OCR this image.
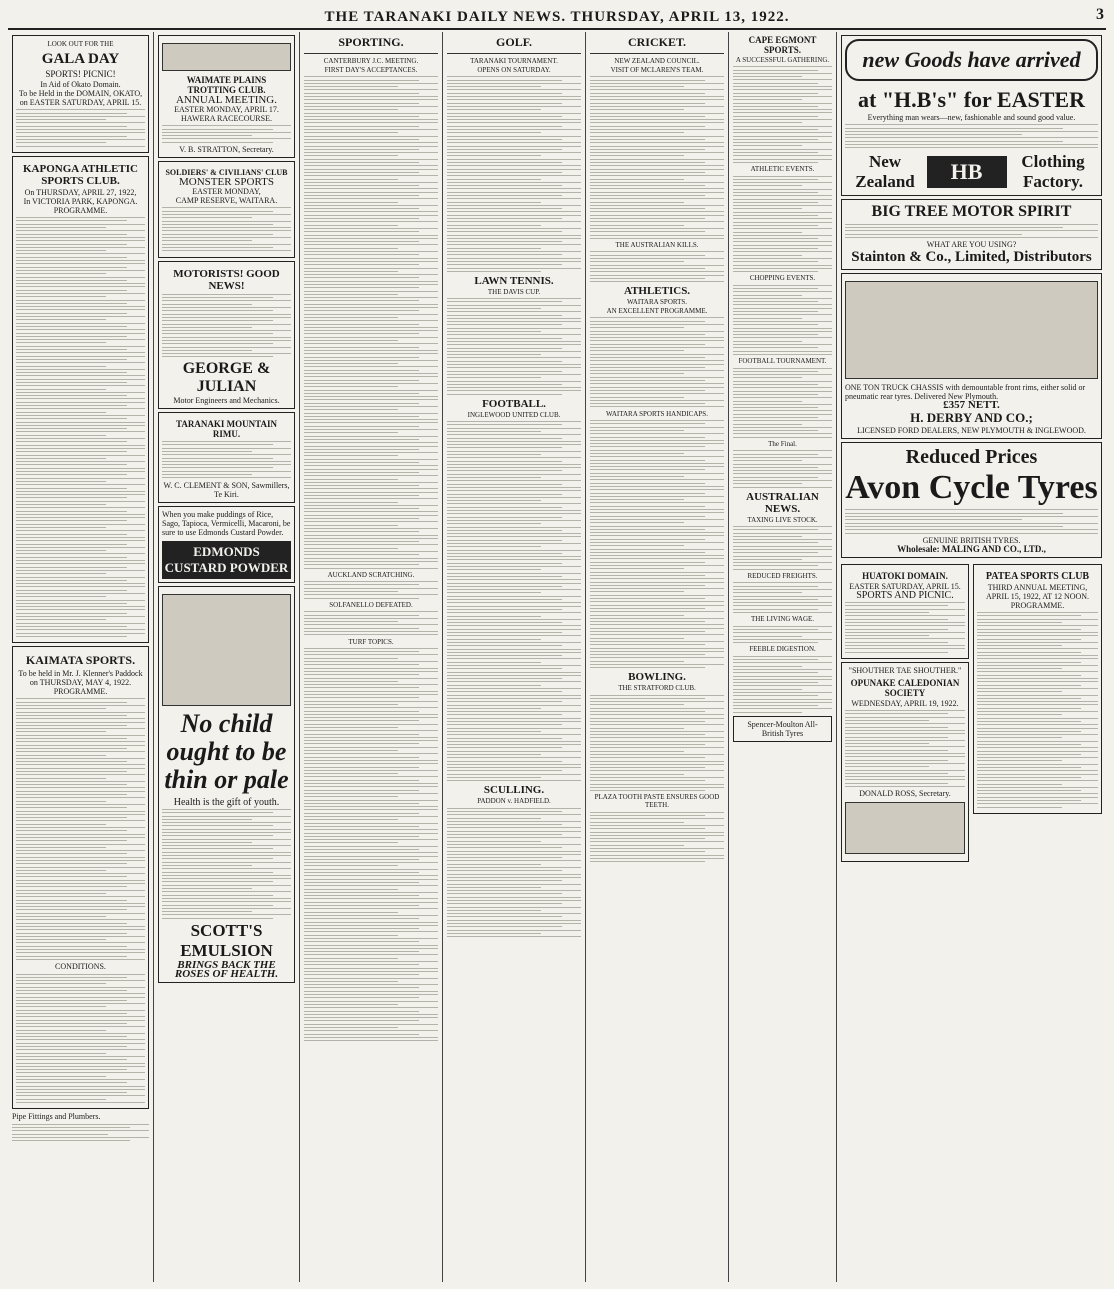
THE TARANAKI DAILY NEWS. THURSDAY, APRIL 13, 1922.	3
LOOK OUT FOR THE
GALA DAY
SPORTS! PICNIC!
In Aid of Okato Domain.
To be Held in the DOMAIN, OKATO, on EASTER SATURDAY, APRIL 15.
KAPONGA ATHLETIC SPORTS CLUB.
On THURSDAY, APRIL 27, 1922,
In VICTORIA PARK, KAPONGA.
PROGRAMME.
KAIMATA SPORTS.
To be held in Mr. J. Klenner's Paddock on THURSDAY, MAY 4, 1922.
PROGRAMME.
CONDITIONS.
Pipe Fittings and Plumbers.
WAIMATE PLAINS TROTTING CLUB.
ANNUAL MEETING.
EASTER MONDAY, APRIL 17.
HAWERA RACECOURSE.
V. B. STRATTON, Secretary.
SOLDIERS' & CIVILIANS' CLUB
MONSTER SPORTS
EASTER MONDAY,
CAMP RESERVE, WAITARA.
MOTORISTS! GOOD NEWS!
GEORGE & JULIAN
Motor Engineers and Mechanics.
TARANAKI MOUNTAIN RIMU.
W. C. CLEMENT & SON, Sawmillers, Te Kiri.
When you make puddings of Rice, Sago, Tapioca, Vermicelli, Macaroni, be sure to use Edmonds Custard Powder.
EDMONDS CUSTARD POWDER
No child ought to be thin or pale
Health is the gift of youth.
SCOTT'S EMULSION
BRINGS BACK THE ROSES OF HEALTH.
SPORTING.
CANTERBURY J.C. MEETING.
FIRST DAY'S ACCEPTANCES.
AUCKLAND SCRATCHING.
SOLFANELLO DEFEATED.
TURF TOPICS.
GOLF.
TARANAKI TOURNAMENT.
OPENS ON SATURDAY.
LAWN TENNIS.
THE DAVIS CUP.
FOOTBALL.
INGLEWOOD UNITED CLUB.
SCULLING.
PADDON v. HADFIELD.
CRICKET.
NEW ZEALAND COUNCIL.
VISIT OF MCLAREN'S TEAM.
THE AUSTRALIAN KILLS.
ATHLETICS.
WAITARA SPORTS.
AN EXCELLENT PROGRAMME.
WAITARA SPORTS HANDICAPS.
BOWLING.
THE STRATFORD CLUB.
PLAZA TOOTH PASTE ENSURES GOOD TEETH.
CAPE EGMONT SPORTS.
A SUCCESSFUL GATHERING.
ATHLETIC EVENTS.
CHOPPING EVENTS.
FOOTBALL TOURNAMENT.
The Final.
AUSTRALIAN NEWS.
TAXING LIVE STOCK.
REDUCED FREIGHTS.
THE LIVING WAGE.
FEEBLE DIGESTION.
Spencer-Moulton All-British Tyres
new Goods have arrived
at "H.B's" for EASTER
Everything man wears—new, fashionable and sound good value.
New Zealand	HB	Clothing Factory.
BIG TREE MOTOR SPIRIT
WHAT ARE YOU USING?
Stainton & Co., Limited, Distributors
ONE TON TRUCK CHASSIS with demountable front rims, either solid or pneumatic rear tyres. Delivered New Plymouth.
£357 NETT.
H. DERBY AND CO.;
LICENSED FORD DEALERS, NEW PLYMOUTH & INGLEWOOD.
Reduced Prices
Avon Cycle Tyres
GENUINE BRITISH TYRES.
Wholesale: MALING AND CO., LTD.,
HUATOKI DOMAIN.
EASTER SATURDAY, APRIL 15.
SPORTS AND PICNIC.
"SHOUTHER TAE SHOUTHER."
OPUNAKE CALEDONIAN SOCIETY
WEDNESDAY, APRIL 19, 1922.
DONALD ROSS, Secretary.
PATEA SPORTS CLUB
THIRD ANNUAL MEETING,
APRIL 15, 1922, AT 12 NOON.
PROGRAMME.
